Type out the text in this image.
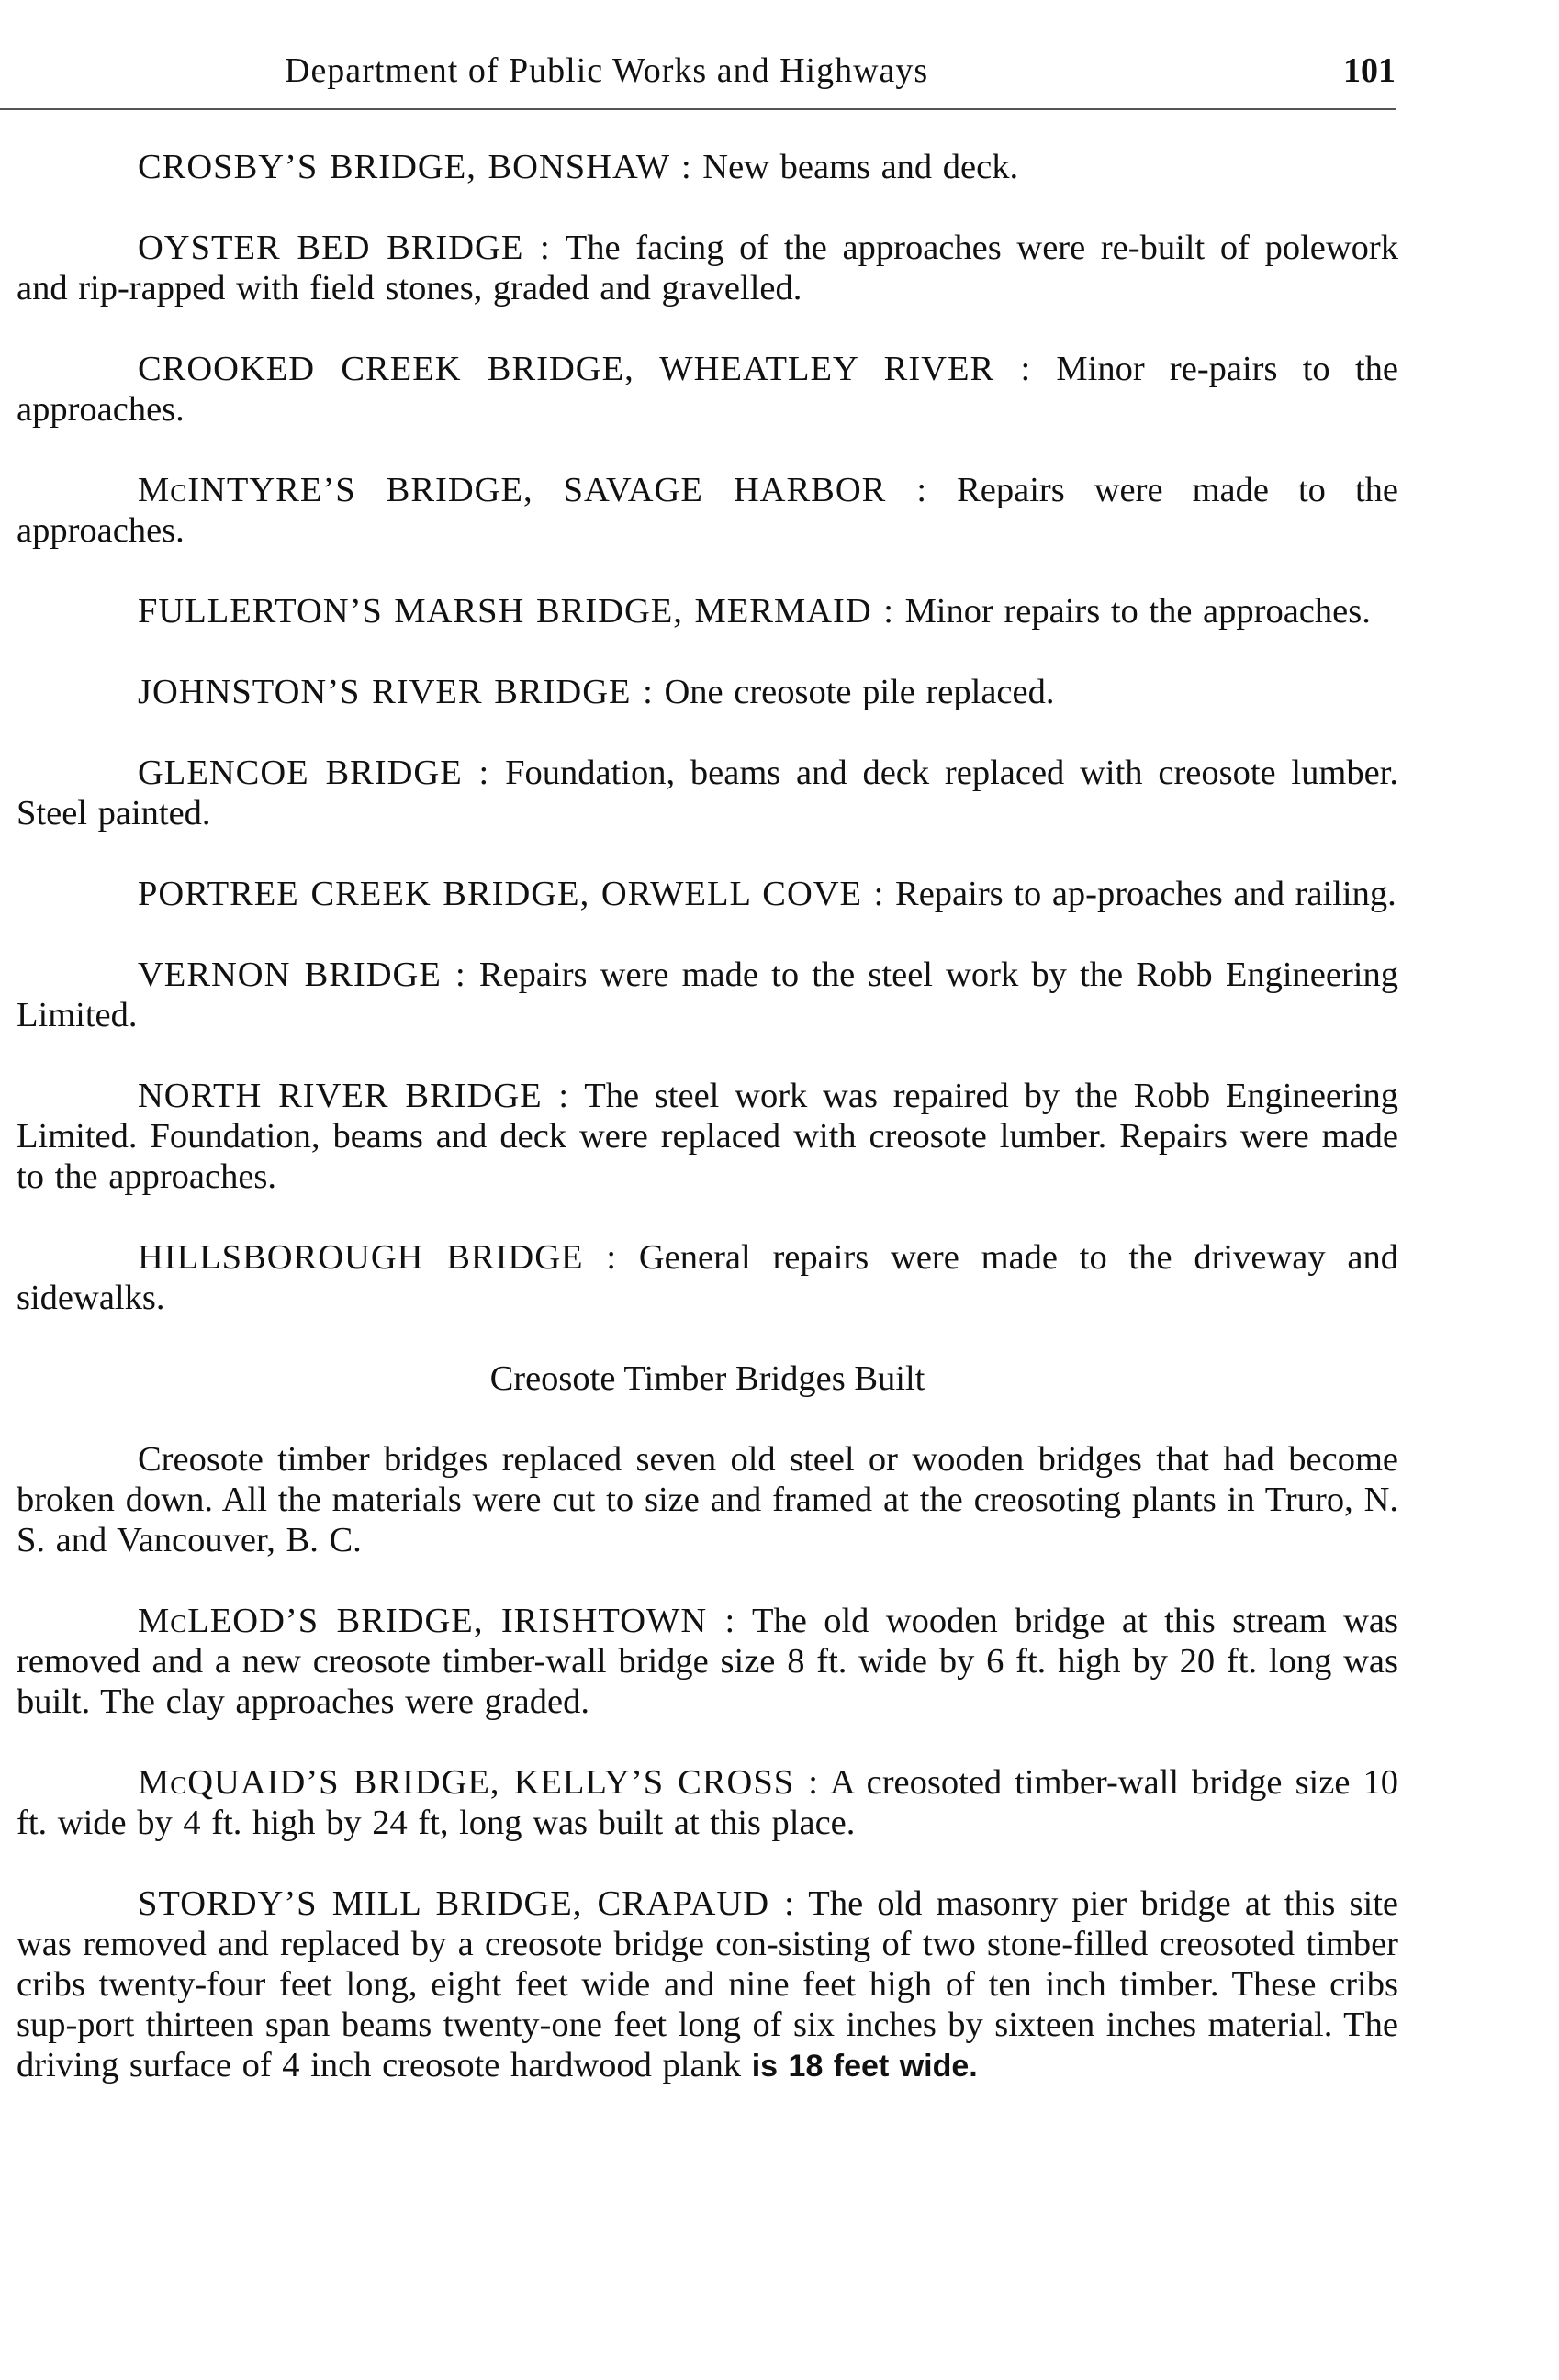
Department of Public Works and Highways	101

CROSBY’S BRIDGE, BONSHAW : New beams and deck.

OYSTER BED BRIDGE : The facing of the approaches were re-built of polework and rip-rapped with field stones, graded and gravelled.

CROOKED CREEK BRIDGE, WHEATLEY RIVER : Minor re-pairs to the approaches.

McINTYRE’S BRIDGE, SAVAGE HARBOR : Repairs were made to the approaches.

FULLERTON’S MARSH BRIDGE, MERMAID : Minor repairs to the approaches.

JOHNSTON’S RIVER BRIDGE : One creosote pile replaced.

GLENCOE BRIDGE : Foundation, beams and deck replaced with creosote lumber. Steel painted.

PORTREE CREEK BRIDGE, ORWELL COVE : Repairs to ap-proaches and railing.

VERNON BRIDGE : Repairs were made to the steel work by the Robb Engineering Limited.

NORTH RIVER BRIDGE : The steel work was repaired by the Robb Engineering Limited. Foundation, beams and deck were replaced with creosote lumber. Repairs were made to the approaches.

HILLSBOROUGH BRIDGE : General repairs were made to the driveway and sidewalks.

Creosote Timber Bridges Built

Creosote timber bridges replaced seven old steel or wooden bridges that had become broken down. All the materials were cut to size and framed at the creosoting plants in Truro, N. S. and Vancouver, B. C.

McLEOD’S BRIDGE, IRISHTOWN : The old wooden bridge at this stream was removed and a new creosote timber-wall bridge size 8 ft. wide by 6 ft. high by 20 ft. long was built. The clay approaches were graded.

McQUAID’S BRIDGE, KELLY’S CROSS : A creosoted timber-wall bridge size 10 ft. wide by 4 ft. high by 24 ft, long was built at this place.

STORDY’S MILL BRIDGE, CRAPAUD : The old masonry pier bridge at this site was removed and replaced by a creosote bridge con-sisting of two stone-filled creosoted timber cribs twenty-four feet long, eight feet wide and nine feet high of ten inch timber. These cribs sup-port thirteen span beams twenty-one feet long of six inches by sixteen inches material. The driving surface of 4 inch creosote hardwood plank is 18 feet wide.
